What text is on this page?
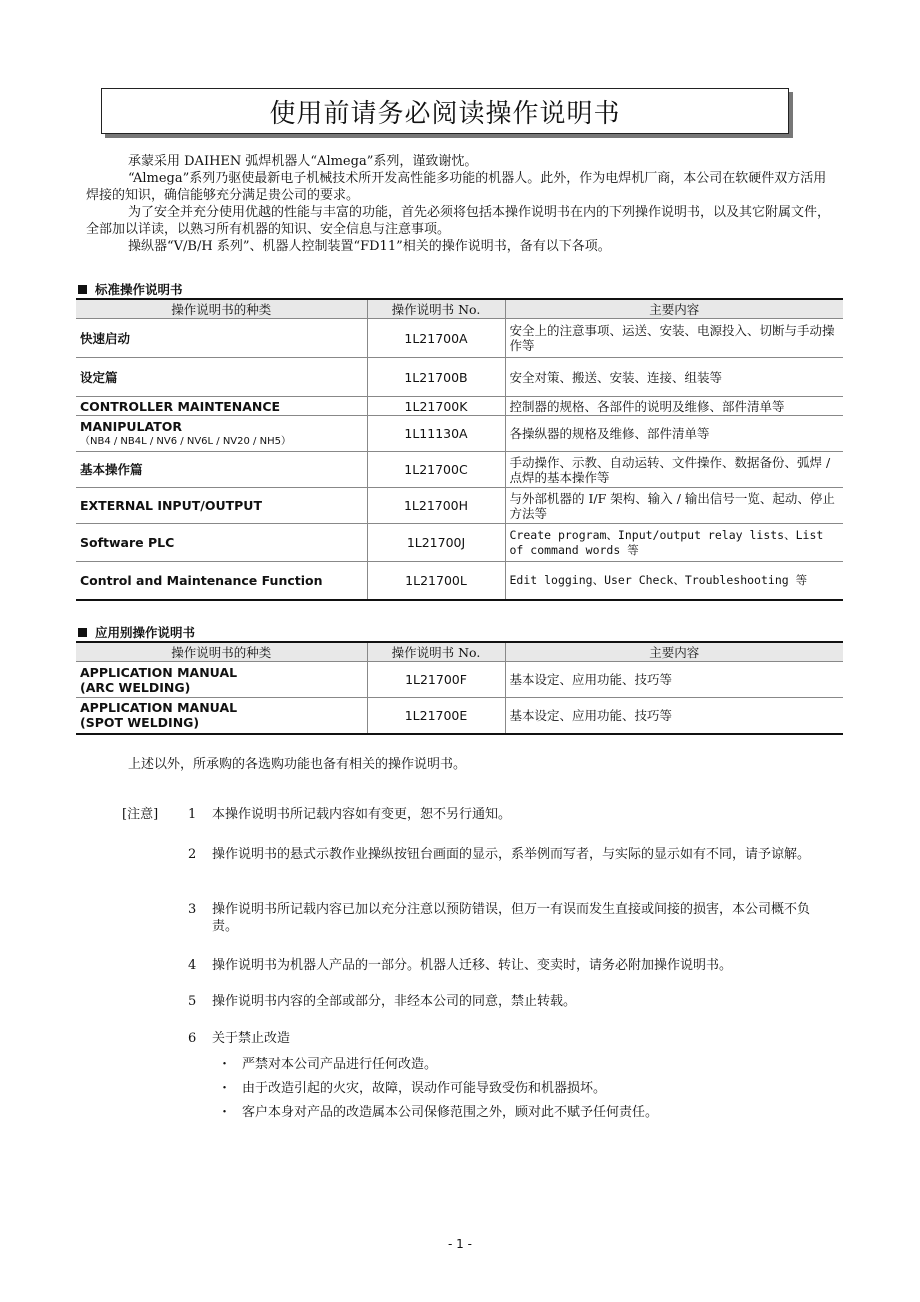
使用前请务必阅读操作说明书

承蒙采用 DAIHEN 弧焊机器人“Almega”系列，谨致谢忱。

“Almega”系列乃驱使最新电子机械技术所开发高性能多功能的机器人。此外，作为电焊机厂商，本公司在软硬件双方活用焊接的知识，确信能够充分满足贵公司的要求。

为了安全并充分使用优越的性能与丰富的功能，首先必须将包括本操作说明书在内的下列操作说明书，以及其它附属文件，全部加以详读，以熟习所有机器的知识、安全信息与注意事项。

操纵器“V/B/H 系列”、机器人控制装置“FD11”相关的操作说明书，备有以下各项。

标准操作说明书
操作说明书的种类	操作说明书 No.	主要内容
快速启动	1L21700A	安全上的注意事项、运送、安装、电源投入、切断与手动操作等
设定篇	1L21700B	安全对策、搬送、安装、连接、组装等
CONTROLLER MAINTENANCE	1L21700K	控制器的规格、各部件的说明及维修、部件清单等
MANIPULATOR
（NB4 / NB4L / NV6 / NV6L / NV20 / NH5）	1L11130A	各操纵器的规格及维修、部件清单等
基本操作篇	1L21700C	手动操作、示教、自动运转、文件操作、数据备份、弧焊 / 点焊的基本操作等
EXTERNAL INPUT/OUTPUT	1L21700H	与外部机器的 I/F 架构、输入 / 输出信号一览、起动、停止方法等
Software PLC	1L21700J	Create program、Input/output relay lists、List of command words 等
Control and Maintenance Function	1L21700L	Edit logging、User Check、Troubleshooting 等
应用别操作说明书
操作说明书的种类	操作说明书 No.	主要内容
APPLICATION MANUAL
(ARC WELDING)	1L21700F	基本设定、应用功能、技巧等
APPLICATION MANUAL
(SPOT WELDING)	1L21700E	基本设定、应用功能、技巧等
上述以外，所承购的各选购功能也备有相关的操作说明书。
[注意] 1 本操作说明书所记载内容如有变更，恕不另行通知。
2 操作说明书的悬式示教作业操纵按钮台画面的显示，系举例而写者，与实际的显示如有不同，请予谅解。
3 操作说明书所记载内容已加以充分注意以预防错误，但万一有误而发生直接或间接的损害，本公司概不负责。
4 操作说明书为机器人产品的一部分。机器人迁移、转让、变卖时，请务必附加操作说明书。
5 操作说明书内容的全部或部分，非经本公司的同意，禁止转载。
6 关于禁止改造
・ 严禁对本公司产品进行任何改造。
・ 由于改造引起的火灾，故障，误动作可能导致受伤和机器损坏。
・ 客户本身对产品的改造属本公司保修范围之外，顾对此不赋予任何责任。
- 1 -
